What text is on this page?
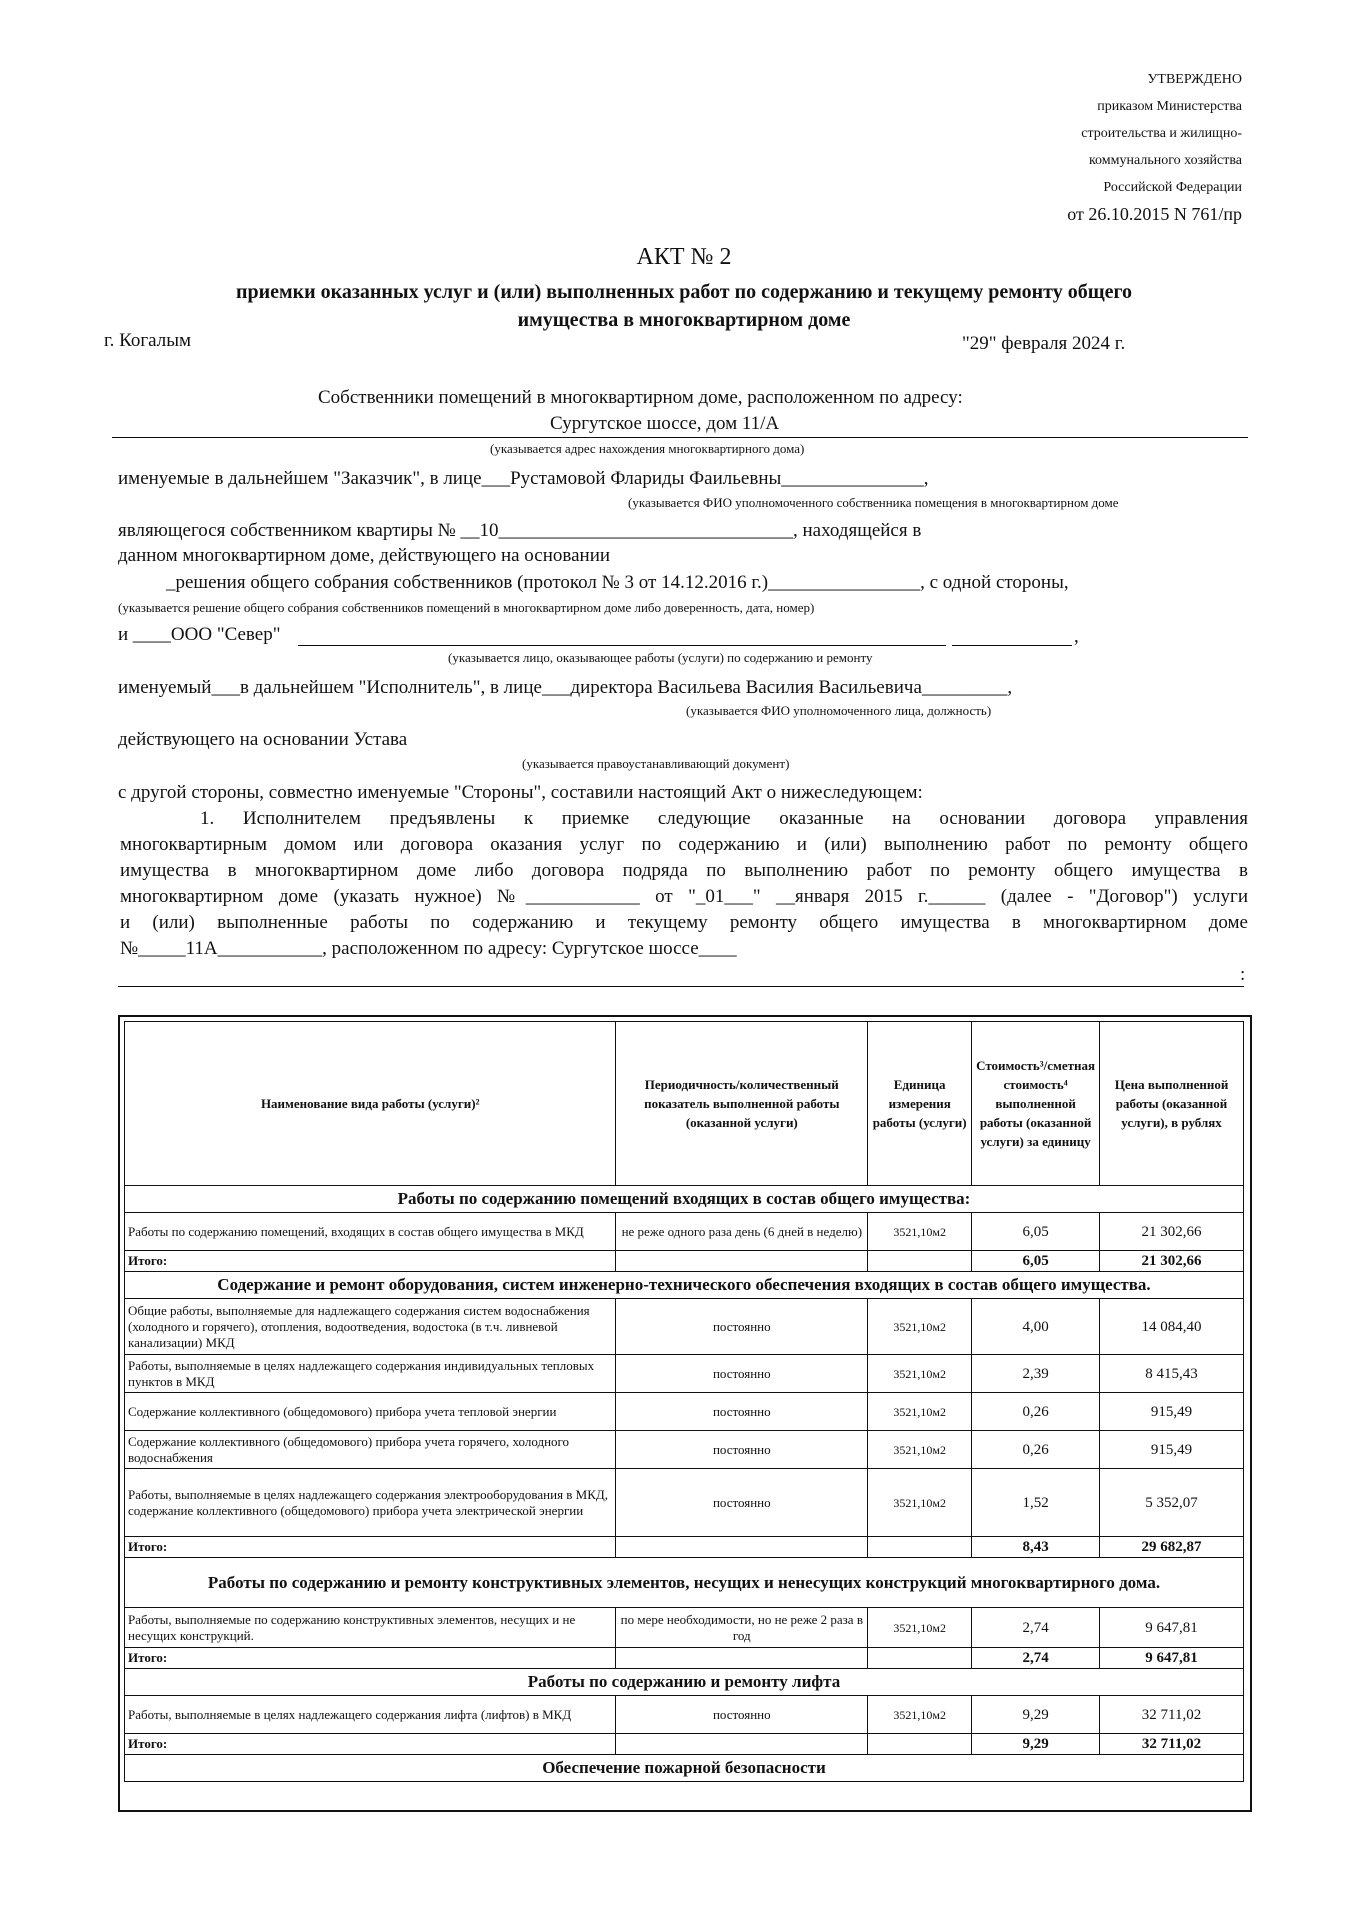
УТВЕРЖДЕНО
приказом Министерства
строительства и жилищно-
коммунального хозяйства
Российской Федерации
от 26.10.2015 N 761/пр
АКТ № 2
приемки оказанных услуг и (или) выполненных работ по содержанию и текущему ремонту общего
имущества в многоквартирном доме
г. Когалым	"29" февраля 2024 г.
Собственники помещений в многоквартирном доме, расположенном по адресу:
Сургутское шоссе, дом 11/А
(указывается адрес нахождения многоквартирного дома)
именуемые в дальнейшем "Заказчик", в лице___Рустамовой Флариды Фаильевны_______________,
(указывается ФИО уполномоченного собственника помещения в многоквартирном доме
являющегося собственником квартиры № __10_______________________________, находящейся в
данном многоквартирном доме, действующего на основании
_решения общего собрания собственников (протокол № 3 от 14.12.2016 г.)________________, с одной стороны,
(указывается решение общего собрания собственников помещений в многоквартирном доме либо доверенность, дата, номер)
и ____ООО "Север"	,
(указывается лицо, оказывающее работы (услуги) по содержанию и ремонту
именуемый___в дальнейшем "Исполнитель", в лице___директора Васильева Василия Васильевича_________,
(указывается ФИО уполномоченного лица, должность)
действующего на основании Устава
(указывается правоустанавливающий документ)
с другой стороны, совместно именуемые "Стороны", составили настоящий Акт о нижеследующем:
1. Исполнителем предъявлены к приемке следующие оказанные на основании договора управления
многоквартирным домом или договора оказания услуг по содержанию и (или) выполнению работ по ремонту общего
имущества в многоквартирном доме либо договора подряда по выполнению работ по ремонту общего имущества в
многоквартирном доме (указать нужное) №____________ от "_01___" __января 2015 г.______ (далее - "Договор") услуги
и (или) выполненные работы по содержанию и текущему ремонту общего имущества в многоквартирном доме
№_____11А___________, расположенном по адресу: Сургутское шоссе____
:
Наименование вида работы (услуги)²	Периодичность/количественный показатель выполненной работы (оказанной услуги)	Единица измерения работы (услуги)	Стоимость³/сметная стоимость⁴ выполненной работы (оказанной услуги) за единицу	Цена выполненной работы (оказанной услуги), в рублях
Работы по содержанию помещений входящих в состав общего имущества:				
Работы по содержанию помещений, входящих в состав общего имущества в МКД	не реже одного раза день (6 дней в неделю)	3521,10м2	6,05	21 302,66
Итого:			6,05	21 302,66
Содержание и ремонт оборудования, систем инженерно-технического обеспечения входящих в состав общего имущества.				
Общие работы, выполняемые для надлежащего содержания систем водоснабжения (холодного и горячего), отопления, водоотведения, водостока (в т.ч. ливневой канализации) МКД	постоянно	3521,10м2	4,00	14 084,40
Работы, выполняемые в целях надлежащего содержания индивидуальных тепловых пунктов в МКД	постоянно	3521,10м2	2,39	8 415,43
Содержание коллективного (общедомового) прибора учета тепловой энергии	постоянно	3521,10м2	0,26	915,49
Содержание коллективного (общедомового) прибора учета горячего, холодного водоснабжения	постоянно	3521,10м2	0,26	915,49
Работы, выполняемые в целях надлежащего содержания электрооборудования в МКД, содержание коллективного (общедомового) прибора учета электрической энергии	постоянно	3521,10м2	1,52	5 352,07
Итого:			8,43	29 682,87
Работы по содержанию и ремонту конструктивных элементов, несущих и ненесущих конструкций многоквартирного дома.				
Работы, выполняемые по содержанию конструктивных элементов, несущих и не несущих конструкций.	по мере необходимости, но не реже 2 раза в год	3521,10м2	2,74	9 647,81
Итого:			2,74	9 647,81
Работы по содержанию и ремонту лифта				
Работы, выполняемые в целях надлежащего содержания лифта (лифтов) в МКД	постоянно	3521,10м2	9,29	32 711,02
Итого:			9,29	32 711,02
Обеспечение пожарной безопасности				
